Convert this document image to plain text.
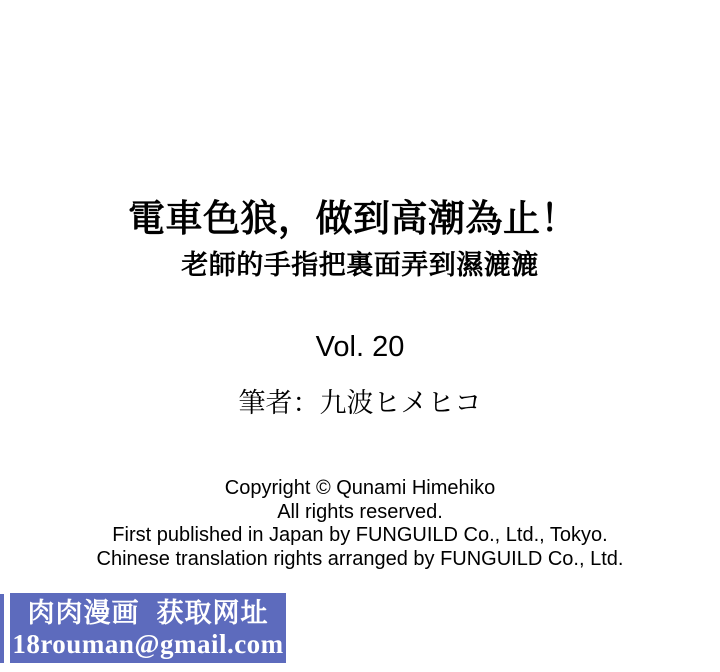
電車色狼，做到高潮為止！
老師的手指把裏面弄到濕漉漉
Vol. 20
筆者：九波ヒメヒコ
Copyright © Qunami Himehiko
All rights reserved.
First published in Japan by FUNGUILD Co., Ltd., Tokyo.
Chinese translation rights arranged by FUNGUILD Co., Ltd.
肉肉漫画  获取网址
18rouman@gmail.com
